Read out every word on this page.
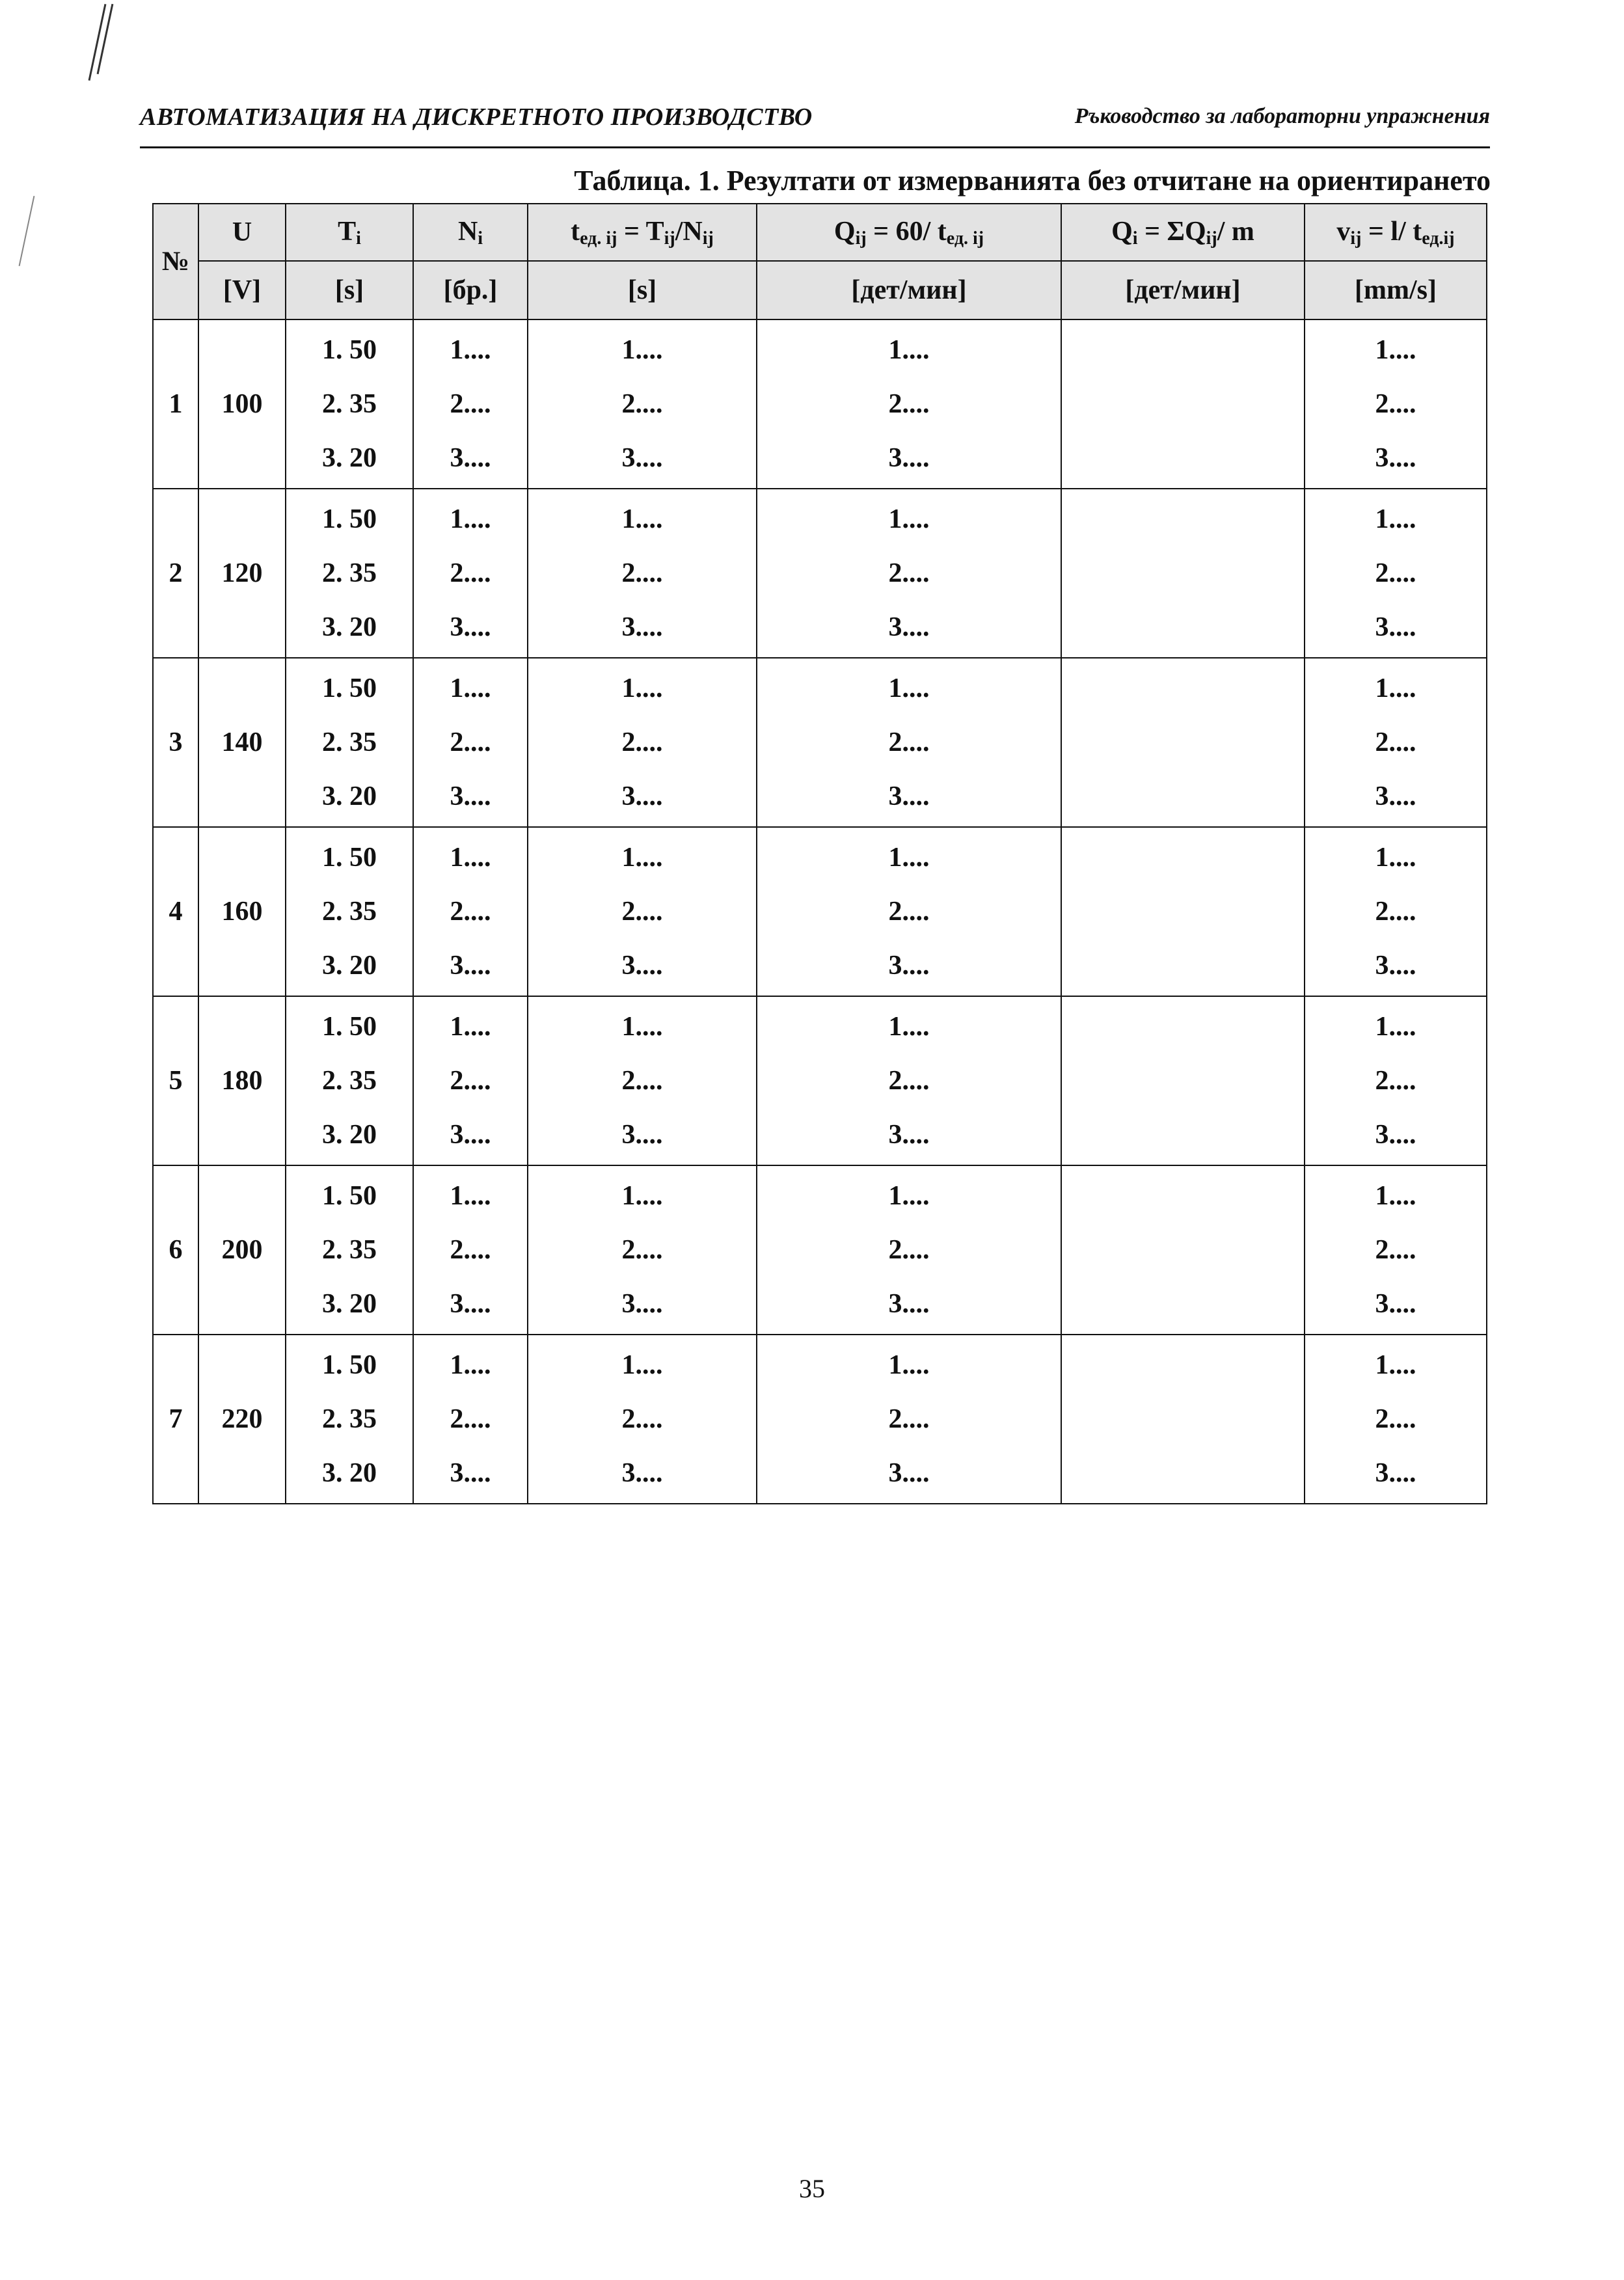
АВТОМАТИЗАЦИЯ НА ДИСКРЕТНОТО ПРОИЗВОДСТВО	Ръководство за лабораторни упражнения
Таблица. 1. Резултати от измерванията без отчитане на ориентирането
№	U	$T_i$	$N_i$	$t_{ед. ij} = T_{ij}/N_{ij}$	$Q_{ij} = 60/$ $t_{ед. ij}$	$Q_i = \Sigma Q_{ij}/$ m	$v_{ij} = l/$ $t_{ед.ij}$
	[V]	[s]	[бр.]	[s]	[дет/мин]	[дет/мин]	[mm/s]
1	100	1. 50
2. 35
3. 20	1....
2....
3....	1....
2....
3....	1....
2....
3....		1....
2....
3....

2	120	1. 50
2. 35
3. 20	1....
2....
3....	1....
2....
3....	1....
2....
3....		1....
2....
3....

3	140	1. 50
2. 35
3. 20	1....
2....
3....	1....
2....
3....	1....
2....
3....		1....
2....
3....

4	160	1. 50
2. 35
3. 20	1....
2....
3....	1....
2....
3....	1....
2....
3....		1....
2....
3....

5	180	1. 50
2. 35
3. 20	1....
2....
3....	1....
2....
3....	1....
2....
3....		1....
2....
3....

6	200	1. 50
2. 35
3. 20	1....
2....
3....	1....
2....
3....	1....
2....
3....		1....
2....
3....

7	220	1. 50
2. 35
3. 20	1....
2....
3....	1....
2....
3....	1....
2....
3....		1....
2....
3....
35
